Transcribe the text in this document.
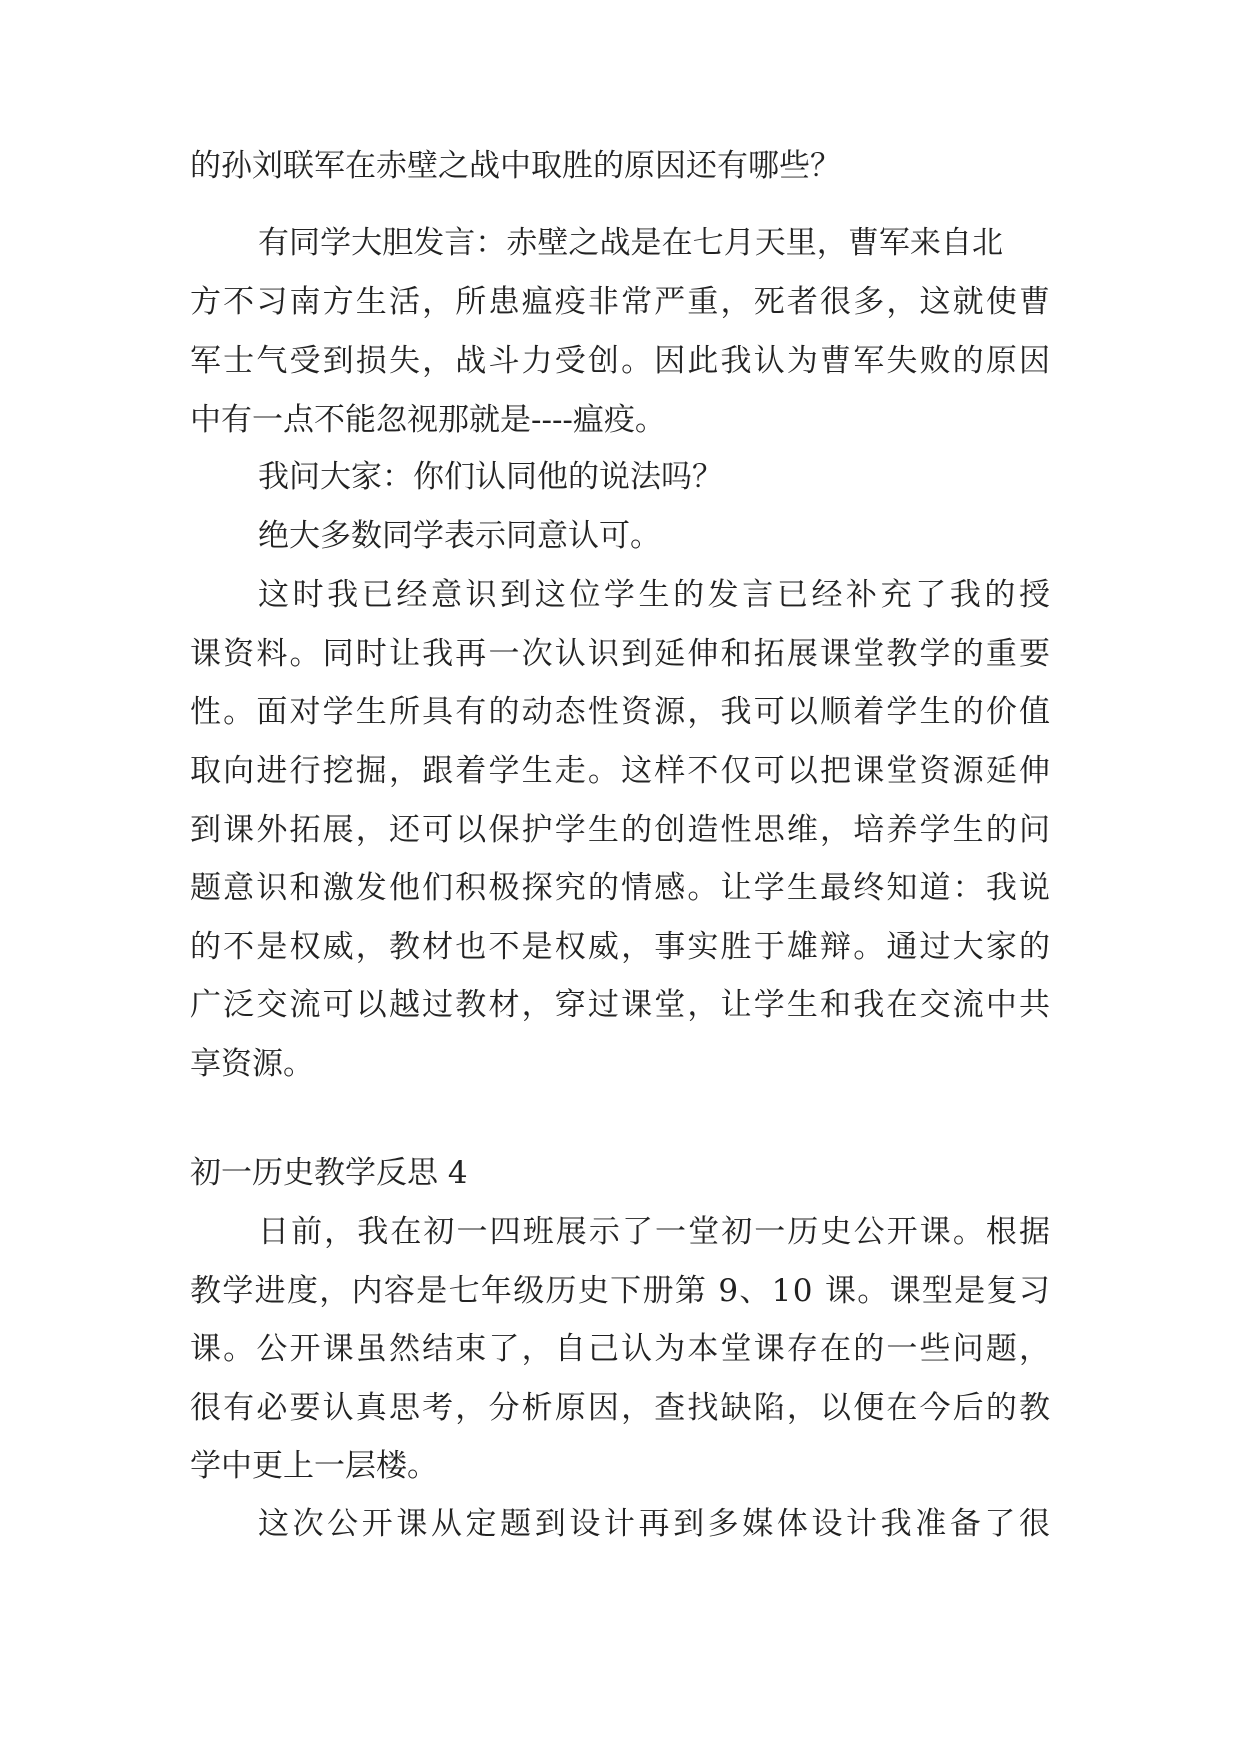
的孙刘联军在赤壁之战中取胜的原因还有哪些？
有同学大胆发言：赤壁之战是在七月天里，曹军来自北
方不习南方生活，所患瘟疫非常严重，死者很多，这就使曹
军士气受到损失，战斗力受创。因此我认为曹军失败的原因
中有一点不能忽视那就是----瘟疫。
我问大家：你们认同他的说法吗？
绝大多数同学表示同意认可。
这时我已经意识到这位学生的发言已经补充了我的授
课资料。同时让我再一次认识到延伸和拓展课堂教学的重要
性。面对学生所具有的动态性资源，我可以顺着学生的价值
取向进行挖掘，跟着学生走。这样不仅可以把课堂资源延伸
到课外拓展，还可以保护学生的创造性思维，培养学生的问
题意识和激发他们积极探究的情感。让学生最终知道：我说
的不是权威，教材也不是权威，事实胜于雄辩。通过大家的
广泛交流可以越过教材，穿过课堂，让学生和我在交流中共
享资源。
初一历史教学反思 4
日前，我在初一四班展示了一堂初一历史公开课。根据
教学进度，内容是七年级历史下册第 9、10 课。课型是复习
课。公开课虽然结束了，自己认为本堂课存在的一些问题，
很有必要认真思考，分析原因，查找缺陷，以便在今后的教
学中更上一层楼。
这次公开课从定题到设计再到多媒体设计我准备了很
